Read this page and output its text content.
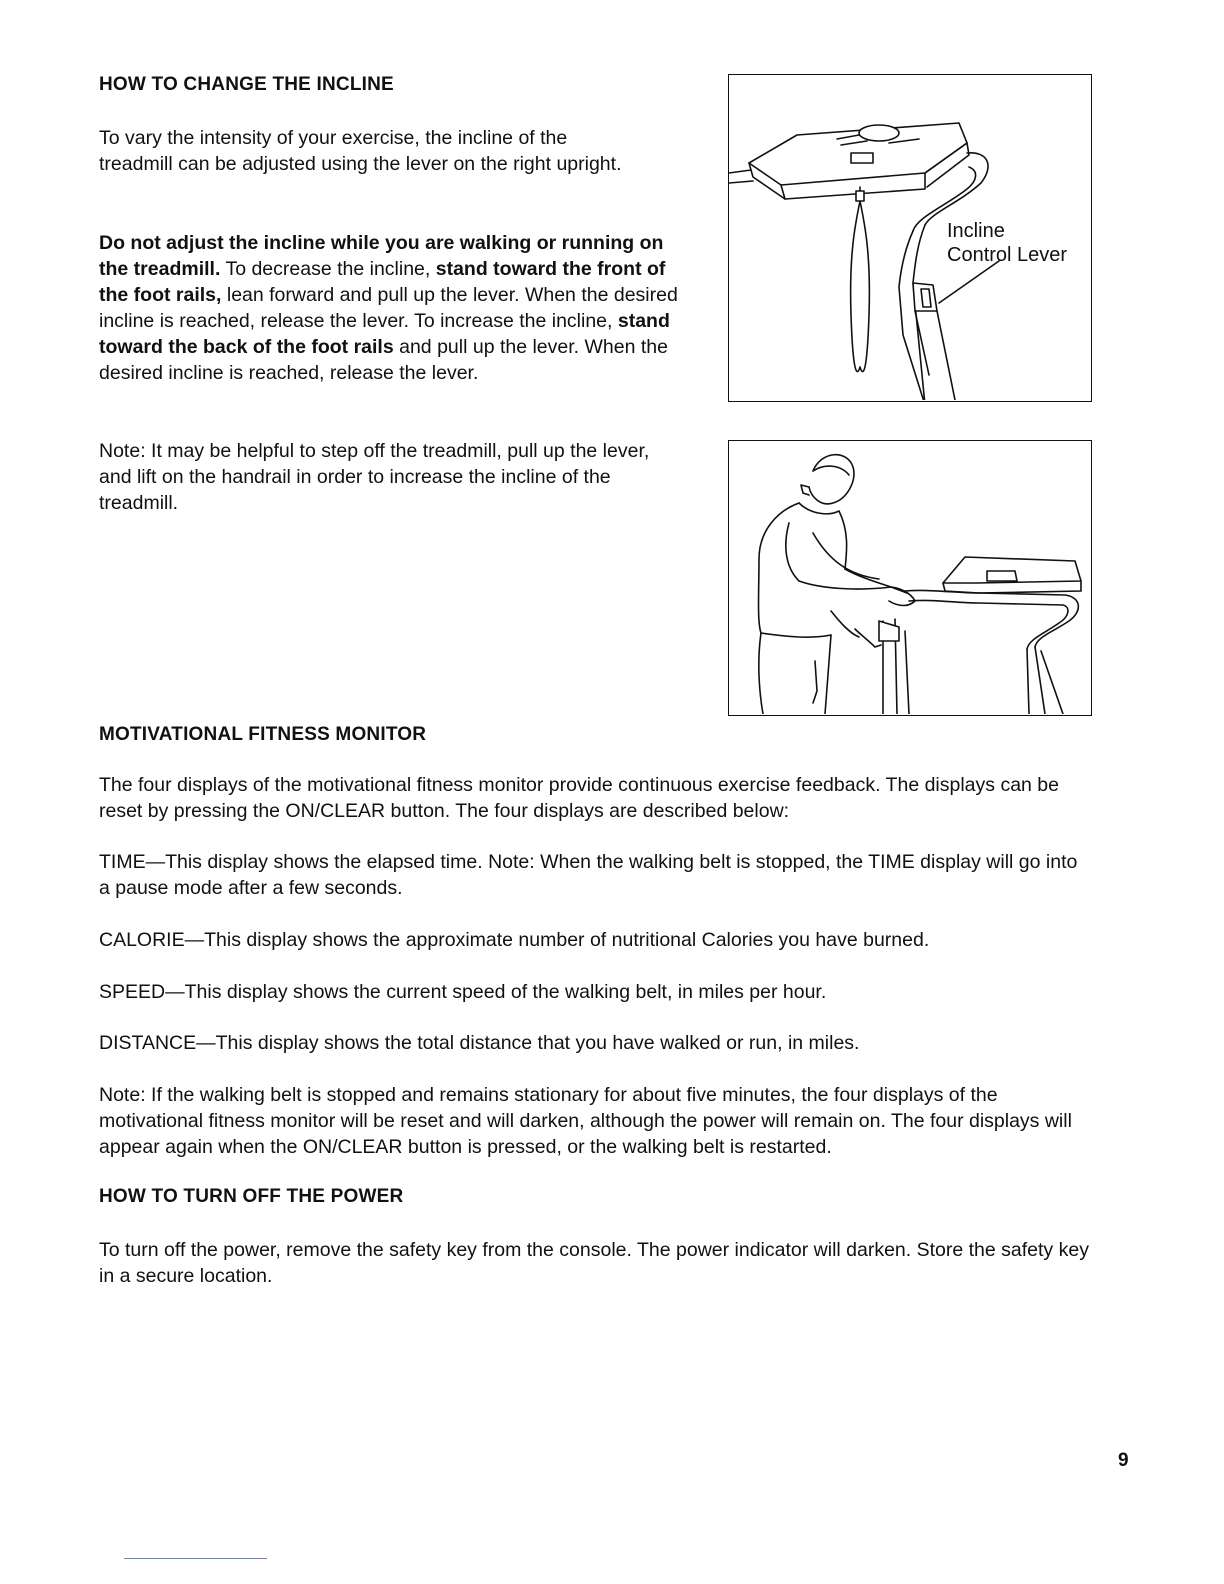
HOW TO CHANGE THE INCLINE

To vary the intensity of your exercise, the incline of the treadmill can be adjusted using the lever on the right upright.

Do not adjust the incline while you are walking or running on the treadmill. To decrease the incline, stand toward the front of the foot rails, lean forward and pull up the lever. When the desired incline is reached, release the lever. To increase the incline, stand toward the back of the foot rails and pull up the lever. When the desired incline is reached, release the lever.

Note: It may be helpful to step off the treadmill, pull up the lever, and lift on the handrail in order to increase the incline of the treadmill.

Incline
Control Lever
MOTIVATIONAL FITNESS MONITOR

The four displays of the motivational fitness monitor provide continuous exercise feedback. The displays can be reset by pressing the ON/CLEAR button. The four displays are described below:

TIME—This display shows the elapsed time. Note: When the walking belt is stopped, the TIME display will go into a pause mode after a few seconds.

CALORIE—This display shows the approximate number of nutritional Calories you have burned.

SPEED—This display shows the current speed of the walking belt, in miles per hour.

DISTANCE—This display shows the total distance that you have walked or run, in miles.

Note: If the walking belt is stopped and remains stationary for about five minutes, the four displays of the motivational fitness monitor will be reset and will darken, although the power will remain on. The four displays will appear again when the ON/CLEAR button is pressed, or the walking belt is restarted.

HOW TO TURN OFF THE POWER

To turn off the power, remove the safety key from the console. The power indicator will darken. Store the safety key in a secure location.

9
